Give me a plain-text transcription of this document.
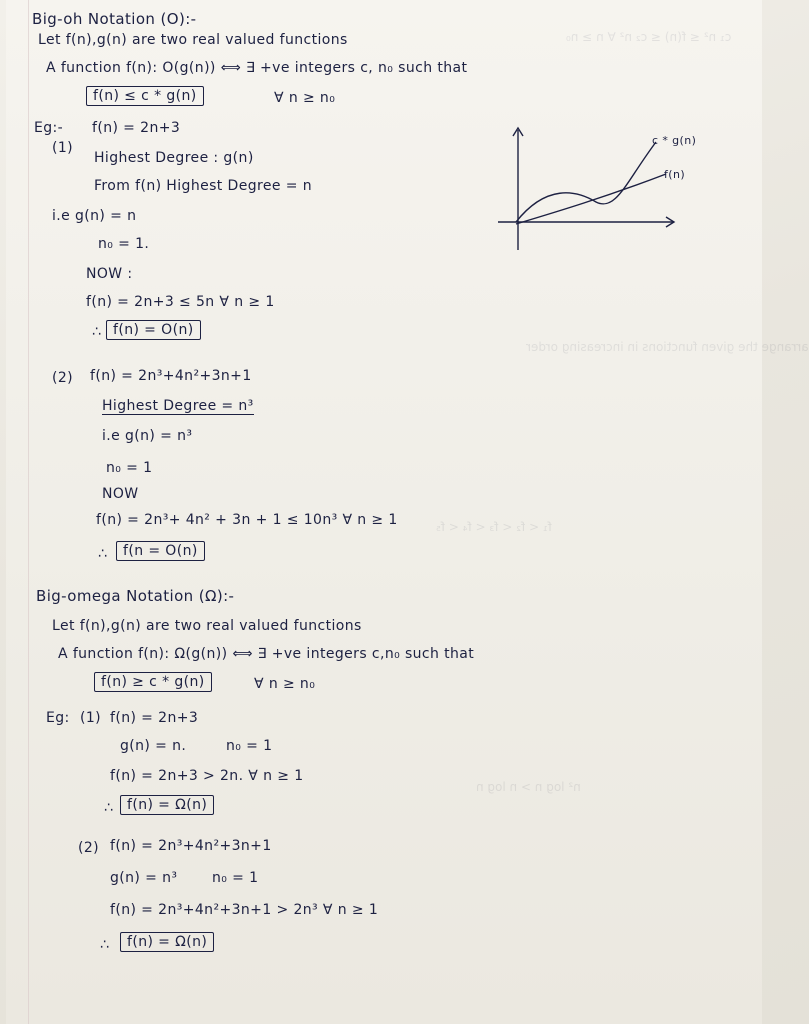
c₁ n² ≤ f(n) ≤ c₂ n² ∀ n ≥ n₀
arrange the given functions in increasing order
f₁ < f₂ < f₃ < f₄ < f₅
n² log n > n log n
Big-oh Notation (O):-
Let f(n),g(n) are two real valued functions
A function f(n): O(g(n)) ⟺ ∃ +ve integers c, n₀ such that
f(n) ≤ c * g(n)	∀ n ≥ n₀
Eg:- f(n) = 2n+3
(1)
Highest Degree : g(n)
From f(n) Highest Degree = n
i.e g(n) = n
n₀ = 1.
NOW :
f(n) = 2n+3 ≤ 5n ∀ n ≥ 1
∴ f(n) = O(n)
c * g(n)
f(n)
(2) f(n) = 2n³+4n²+3n+1
Highest Degree = n³
i.e g(n) = n³
n₀ = 1
NOW
f(n) = 2n³+ 4n² + 3n + 1 ≤ 10n³ ∀ n ≥ 1
∴	f(n = O(n)
Big-omega Notation (Ω):-
Let f(n),g(n) are two real valued functions
A function f(n): Ω(g(n)) ⟺ ∃ +ve integers c,n₀ such that
f(n) ≥ c * g(n)	∀ n ≥ n₀
Eg: (1) f(n) = 2n+3
g(n) = n.	n₀ = 1
f(n) = 2n+3 > 2n. ∀ n ≥ 1
∴ f(n) = Ω(n)
(2) f(n) = 2n³+4n²+3n+1
g(n) = n³ n₀ = 1
f(n) = 2n³+4n²+3n+1 > 2n³ ∀ n ≥ 1
∴	f(n) = Ω(n)
